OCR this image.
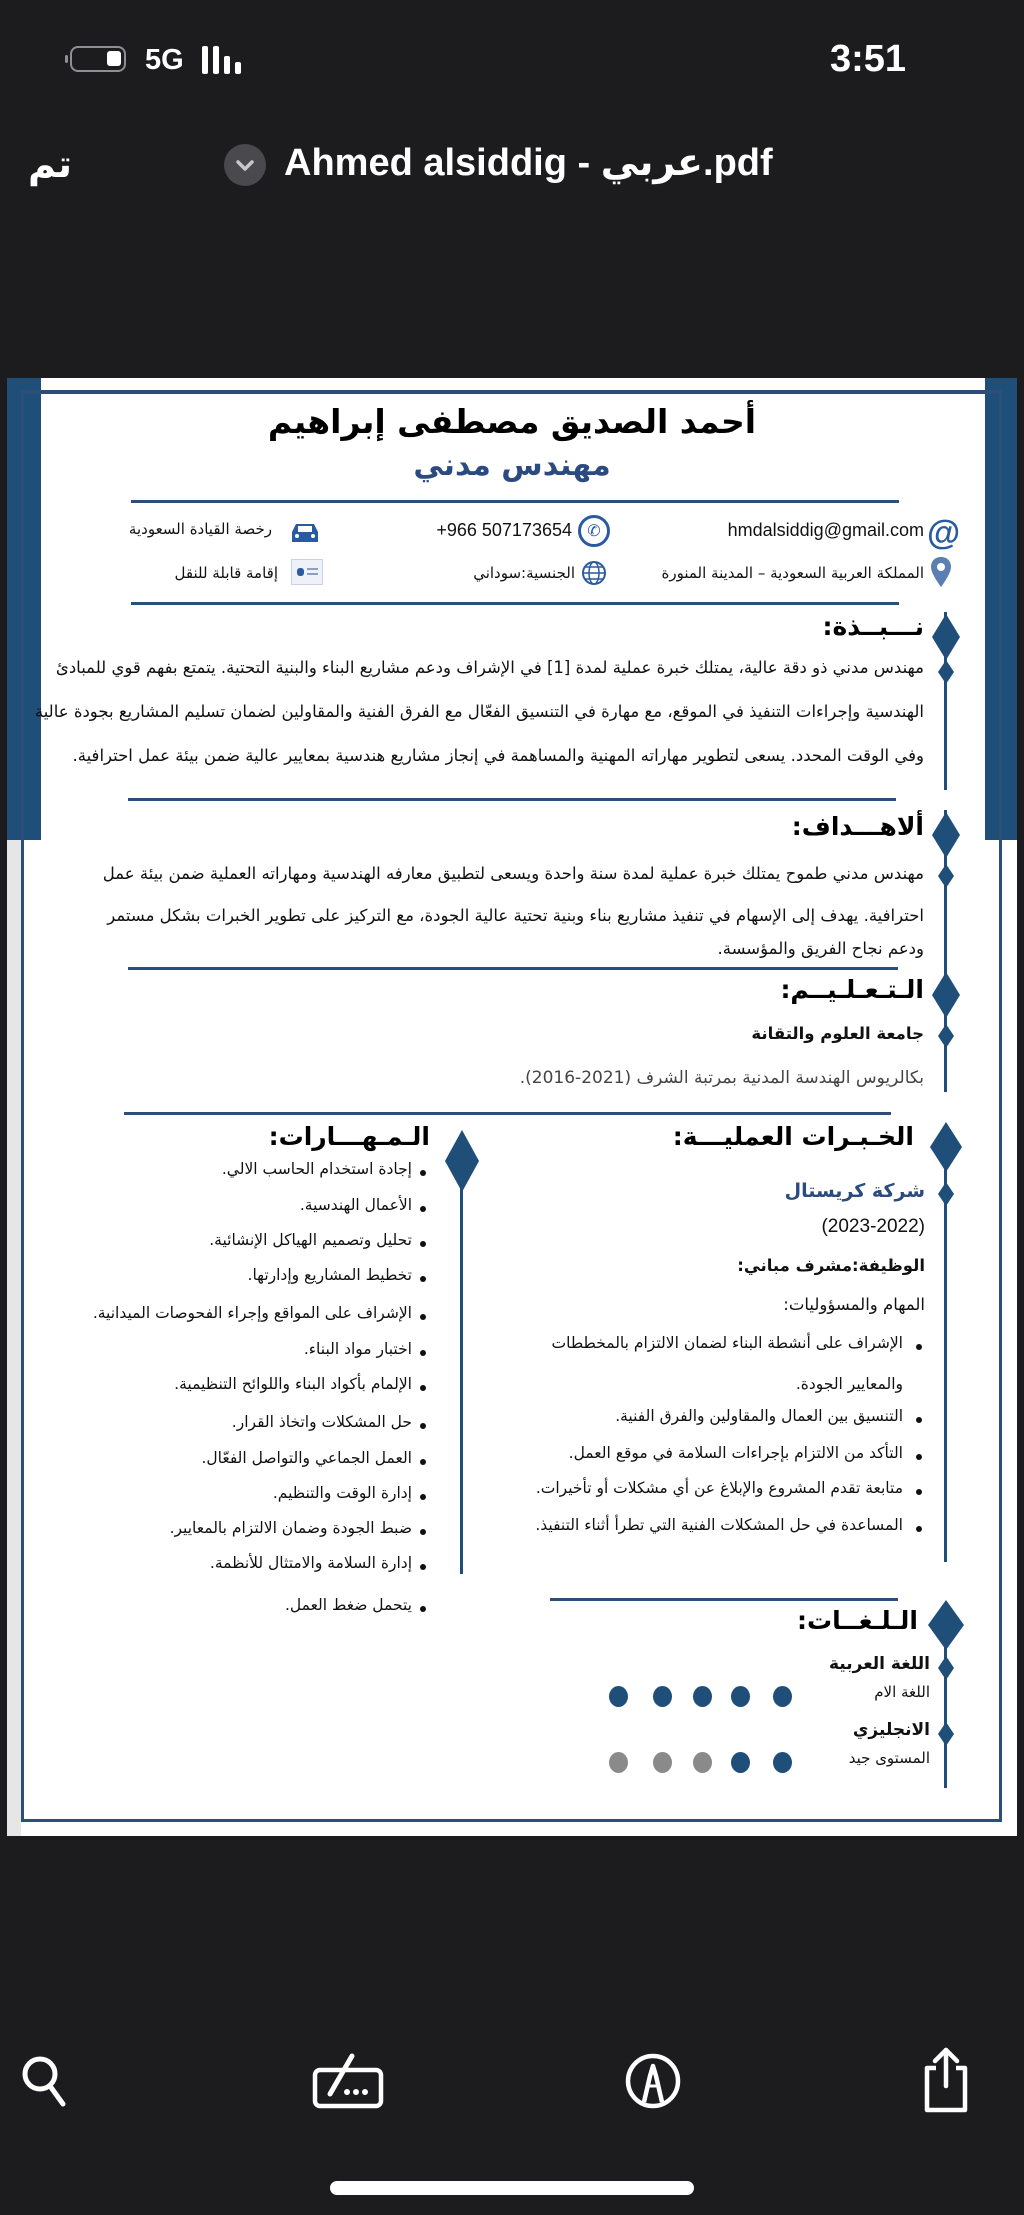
5G	3:51
تم	Ahmed alsiddig - عربي.pdf
أحمد الصديق مصطفى إبراهيم
مهندس مدني
@
hmdalsiddig@gmail.com
✆
+966 507173654
رخصة القيادة السعودية
المملكة العربية السعودية – المدينة المنورة
الجنسية:سوداني
إقامة قابلة للنقل
نـــبــذة:
مهندس مدني ذو دقة عالية، يمتلك خبرة عملية لمدة [1] في الإشراف ودعم مشاريع البناء والبنية التحتية. يتمتع بفهم قوي للمبادئ
الهندسية وإجراءات التنفيذ في الموقع، مع مهارة في التنسيق الفعّال مع الفرق الفنية والمقاولين لضمان تسليم المشاريع بجودة عالية
وفي الوقت المحدد. يسعى لتطوير مهاراته المهنية والمساهمة في إنجاز مشاريع هندسية بمعايير عالية ضمن بيئة عمل احترافية.
ألاهـــداف:
مهندس مدني طموح يمتلك خبرة عملية لمدة سنة واحدة ويسعى لتطبيق معارفه الهندسية ومهاراته العملية ضمن بيئة عمل
احترافية. يهدف إلى الإسهام في تنفيذ مشاريع بناء وبنية تحتية عالية الجودة، مع التركيز على تطوير الخبرات بشكل مستمر
ودعم نجاح الفريق والمؤسسة.
الـتـعـلـيــم:
جامعة العلوم والتقانة
بكالريوس الهندسة المدنية بمرتبة الشرف (2021-2016).
الخـبـرات العمليـــة:
شركة كريستال
(2023-2022)
الوظيفة:مشرف مباني:
المهام والمسؤوليات:
الإشراف على أنشطة البناء لضمان الالتزام بالمخططات
والمعايير الجودة.
التنسيق بين العمال والمقاولين والفرق الفنية.
التأكد من الالتزام بإجراءات السلامة في موقع العمل.
متابعة تقدم المشروع والإبلاغ عن أي مشكلات أو تأخيرات.
المساعدة في حل المشكلات الفنية التي تطرأ أثناء التنفيذ.
الـمـهـــارات:
إجادة استخدام الحاسب الالي.
الأعمال الهندسية.
تحليل وتصميم الهياكل الإنشائية.
تخطيط المشاريع وإدارتها.
الإشراف على المواقع وإجراء الفحوصات الميدانية.
اختبار مواد البناء.
الإلمام بأكواد البناء واللوائح التنظيمية.
حل المشكلات واتخاذ القرار.
العمل الجماعي والتواصل الفعّال.
إدارة الوقت والتنظيم.
ضبط الجودة وضمان الالتزام بالمعايير.
إدارة السلامة والامتثال للأنظمة.
يتحمل ضغط العمل.
الـلـغــات:
اللغة العربية
اللغة الام
الانجليزي
المستوى جيد
